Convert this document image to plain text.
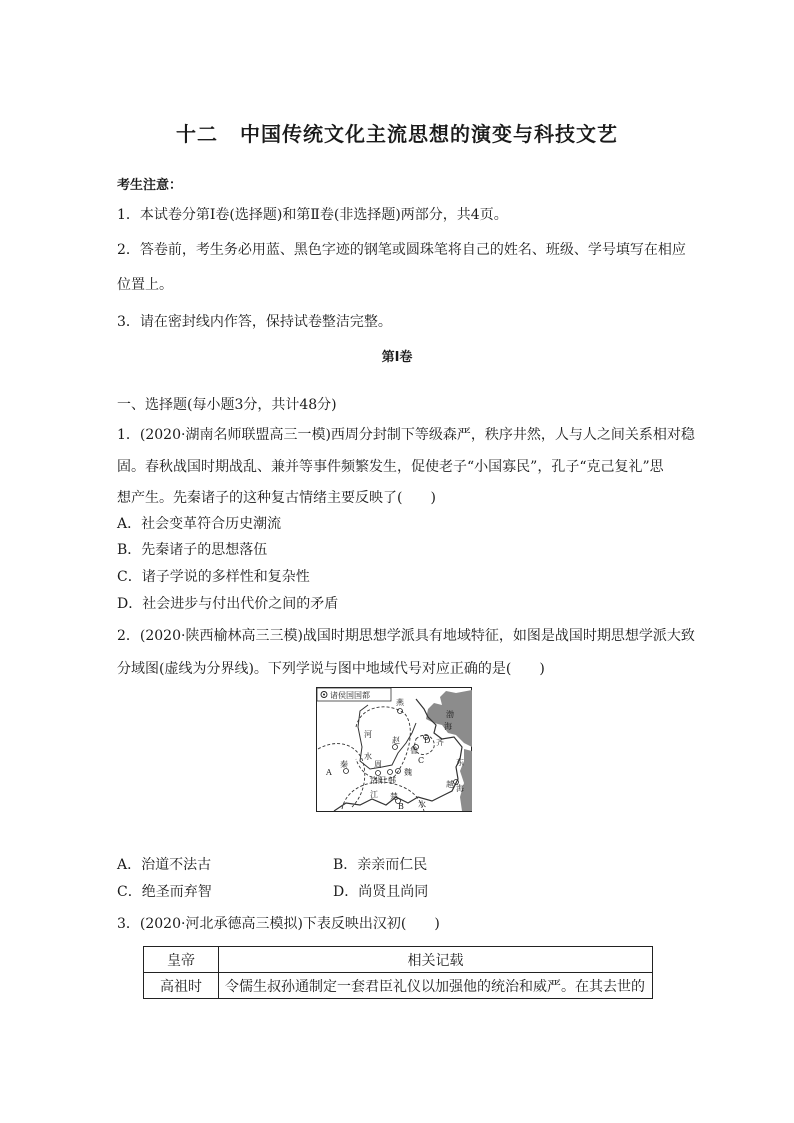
十二 中国传统文化主流思想的演变与科技文艺
考生注意：
1．本试卷分第Ⅰ卷(选择题)和第Ⅱ卷(非选择题)两部分，共4页。
2．答卷前，考生务必用蓝、黑色字迹的钢笔或圆珠笔将自己的姓名、班级、学号填写在相应
位置上。
3．请在密封线内作答，保持试卷整洁完整。
第Ⅰ卷
一、选择题(每小题3分，共计48分)
1．(2020·湖南名师联盟高三一模)西周分封制下等级森严，秩序井然，人与人之间关系相对稳
固。春秋战国时期战乱、兼并等事件频繁发生，促使老子“小国寡民”，孔子“克己复礼”思
想产生。先秦诸子的这种复古情绪主要反映了(　　)
A．社会变革符合历史潮流
B．先秦诸子的思想落伍
C．诸子学说的多样性和复杂性
D．社会进步与付出代价之间的矛盾
2．(2020·陕西榆林高三三模)战国时期思想学派具有地域特征，如图是战国时期思想学派大致
分域图(虚线为分界线)。下列学说与图中地域代号对应正确的是(　　)
诸侯国国都
燕
渤
海
河
赵	D
鲁
齐
C
水
周
魏
A
秦
洛阳 韩
东
海
江 楚
B 水
越
A．治道不法古	B．亲亲而仁民
C．绝圣而弃智	D．尚贤且尚同
3．(2020·河北承德高三模拟)下表反映出汉初(　　)
皇帝	相关记载
高祖时	令儒生叔孙通制定一套君臣礼仪以加强他的统治和威严。在其去世的
